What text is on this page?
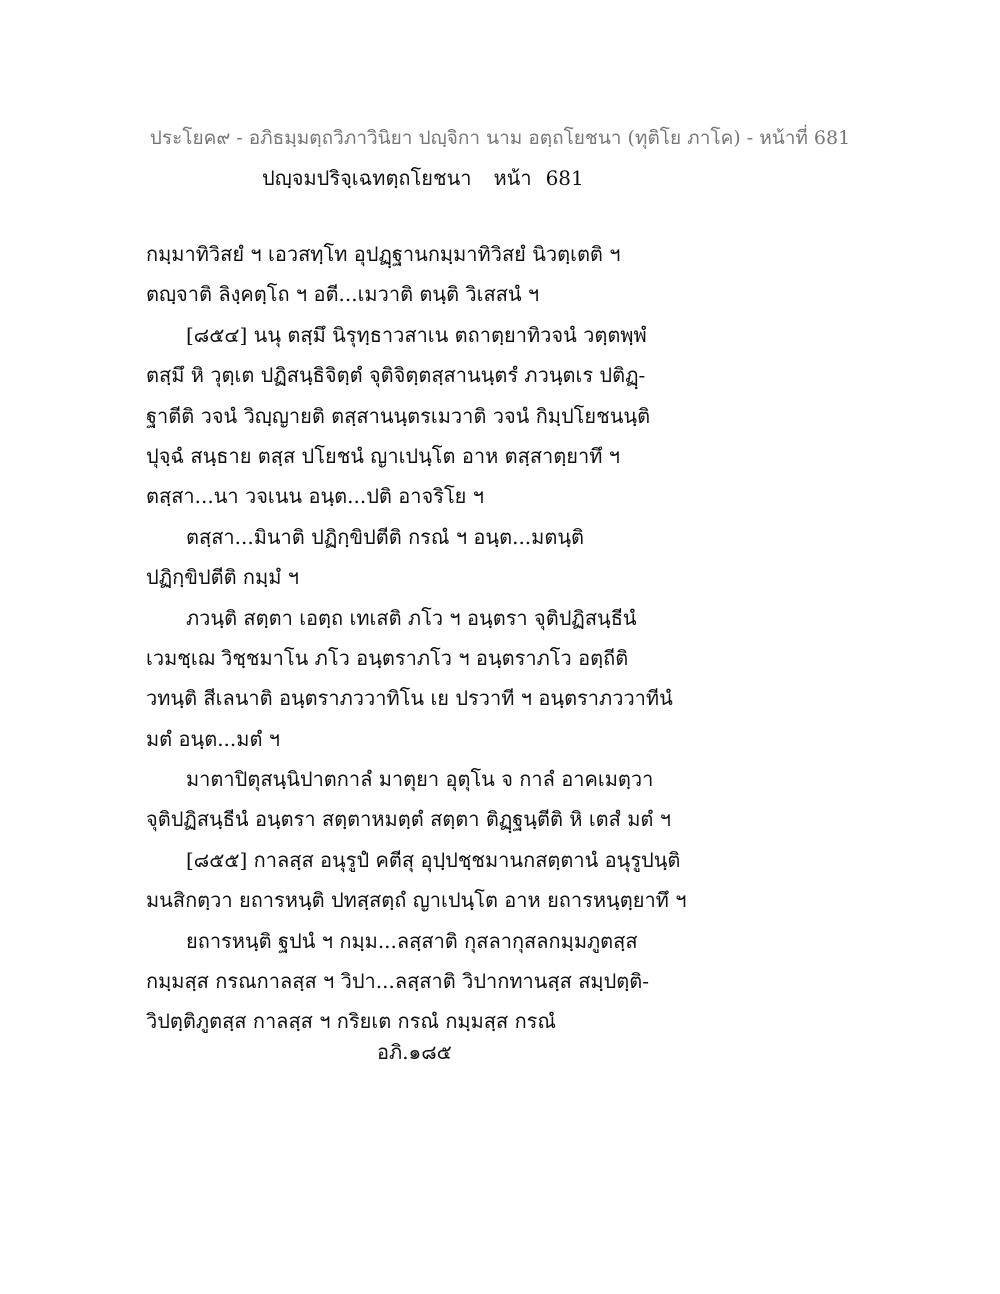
ประโยค๙ - อภิธมฺมตฺถวิภาวินิยา ปญฺจิกา นาม อตฺถโยชนา (ทุติโย ภาโค) - หน้าที่ 681
ปญฺจมปริจฺเฉทตฺถโยชนา หน้า 681
กมฺมาทิวิสยํ ฯ เอวสทฺโท อุปฏฺฐานกมฺมาทิวิสยํ นิวตฺเตติ ฯ
ตญฺจาติ ลิงฺคตฺโถ ฯ อตี...เมวาติ ตนฺติ วิเสสนํ ฯ
[๘๕๔] นนุ ตสฺมึ นิรุทฺธาวสาเน ตถาตฺยาทิวจนํ วตฺตพฺพํ
ตสฺมึ หิ วุตฺเต ปฏิสนฺธิจิตฺตํ จุติจิตฺตสฺสานนฺตรํ ภวนฺตเร ปติฏฺ-
ฐาตีติ วจนํ วิญฺญายติ ตสฺสานนฺตรเมวาติ วจนํ กิมฺปโยชนนฺติ
ปุจฺฉํ สนฺธาย ตสฺส ปโยชนํ ญาเปนฺโต อาห ตสฺสาตฺยาทึ ฯ
ตสฺสา...นา วจเนน อนฺต...ปติ อาจริโย ฯ
ตสฺสา...มินาติ ปฏิกฺขิปตีติ กรณํ ฯ อนฺต...มตนฺติ
ปฏิกฺขิปตีติ กมฺมํ ฯ
ภวนฺติ สตฺตา เอตฺถ เทเสติ ภโว ฯ อนฺตรา จุติปฏิสนฺธีนํ
เวมชฺเฌ วิชฺชมาโน ภโว อนฺตราภโว ฯ อนฺตราภโว อตฺถีติ
วทนฺติ สีเลนาติ อนฺตราภววาทิโน เย ปรวาที ฯ อนฺตราภววาทีนํ
มตํ อนฺต...มตํ ฯ
มาตาปิตุสนฺนิปาตกาลํ มาตุยา อุตุโน จ กาลํ อาคเมตฺวา
จุติปฏิสนฺธีนํ อนฺตรา สตฺตาหมตฺตํ สตฺตา ติฏฺฐนฺตีติ หิ เตสํ มตํ ฯ
[๘๕๕] กาลสฺส อนุรูปํ คตีสุ อุปฺปชฺชมานกสตฺตานํ อนุรูปนฺติ
มนสิกตฺวา ยถารหนฺติ ปทสฺสตฺถํ ญาเปนฺโต อาห ยถารหนฺตฺยาทึ ฯ
ยถารหนฺติ ฐปนํ ฯ กมฺม...ลสฺสาติ กุสลากุสลกมฺมภูตสฺส
กมฺมสฺส กรณกาลสฺส ฯ วิปา...ลสฺสาติ วิปากทานสฺส สมฺปตฺติ-
วิปตฺติภูตสฺส กาลสฺส ฯ กริยเต กรณํ กมฺมสฺส กรณํ
อภิ.๑๘๕
